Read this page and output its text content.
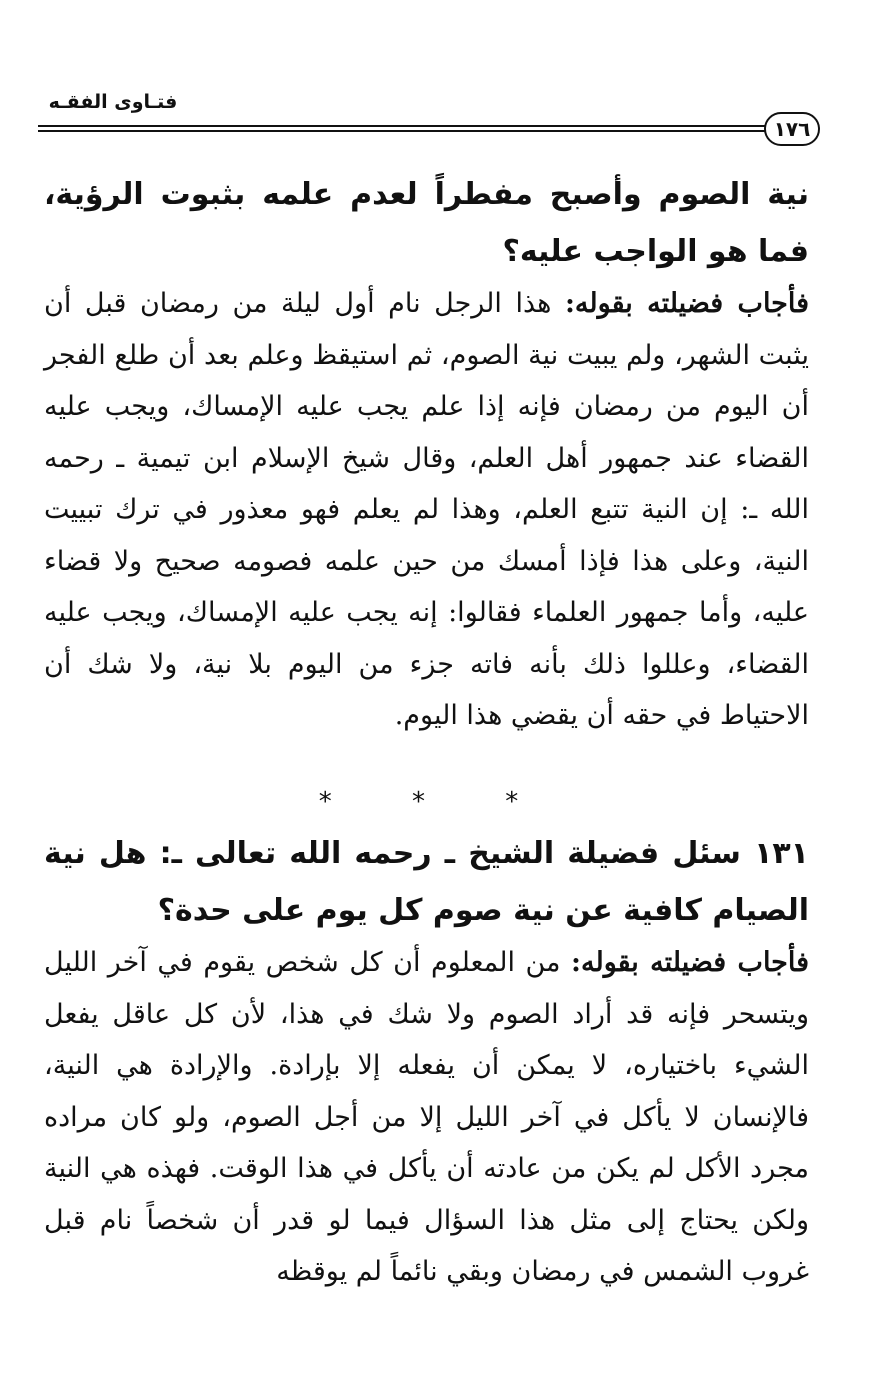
فتـاوى الفقـه
١٧٦
نية الصوم وأصبح مفطراً لعدم علمه بثبوت الرؤية، فما هو الواجب عليه؟
فأجاب فضيلته بقوله: هذا الرجل نام أول ليلة من رمضان قبل أن يثبت الشهر، ولم يبيت نية الصوم، ثم استيقظ وعلم بعد أن طلع الفجر أن اليوم من رمضان فإنه إذا علم يجب عليه الإمساك، ويجب عليه القضاء عند جمهور أهل العلم، وقال شيخ الإسلام ابن تيمية ـ رحمه الله ـ: إن النية تتبع العلم، وهذا لم يعلم فهو معذور في ترك تبييت النية، وعلى هذا فإذا أمسك من حين علمه فصومه صحيح ولا قضاء عليه، وأما جمهور العلماء فقالوا: إنه يجب عليه الإمساك، ويجب عليه القضاء، وعللوا ذلك بأنه فاته جزء من اليوم بلا نية، ولا شك أن الاحتياط في حقه أن يقضي هذا اليوم.
* * *
١٣١ سئل فضيلة الشيخ ـ رحمه الله تعالى ـ: هل نية الصيام كافية عن نية صوم كل يوم على حدة؟
فأجاب فضيلته بقوله: من المعلوم أن كل شخص يقوم في آخر الليل ويتسحر فإنه قد أراد الصوم ولا شك في هذا، لأن كل عاقل يفعل الشيء باختياره، لا يمكن أن يفعله إلا بإرادة. والإرادة هي النية، فالإنسان لا يأكل في آخر الليل إلا من أجل الصوم، ولو كان مراده مجرد الأكل لم يكن من عادته أن يأكل في هذا الوقت. فهذه هي النية ولكن يحتاج إلى مثل هذا السؤال فيما لو قدر أن شخصاً نام قبل غروب الشمس في رمضان وبقي نائماً لم يوقظه
